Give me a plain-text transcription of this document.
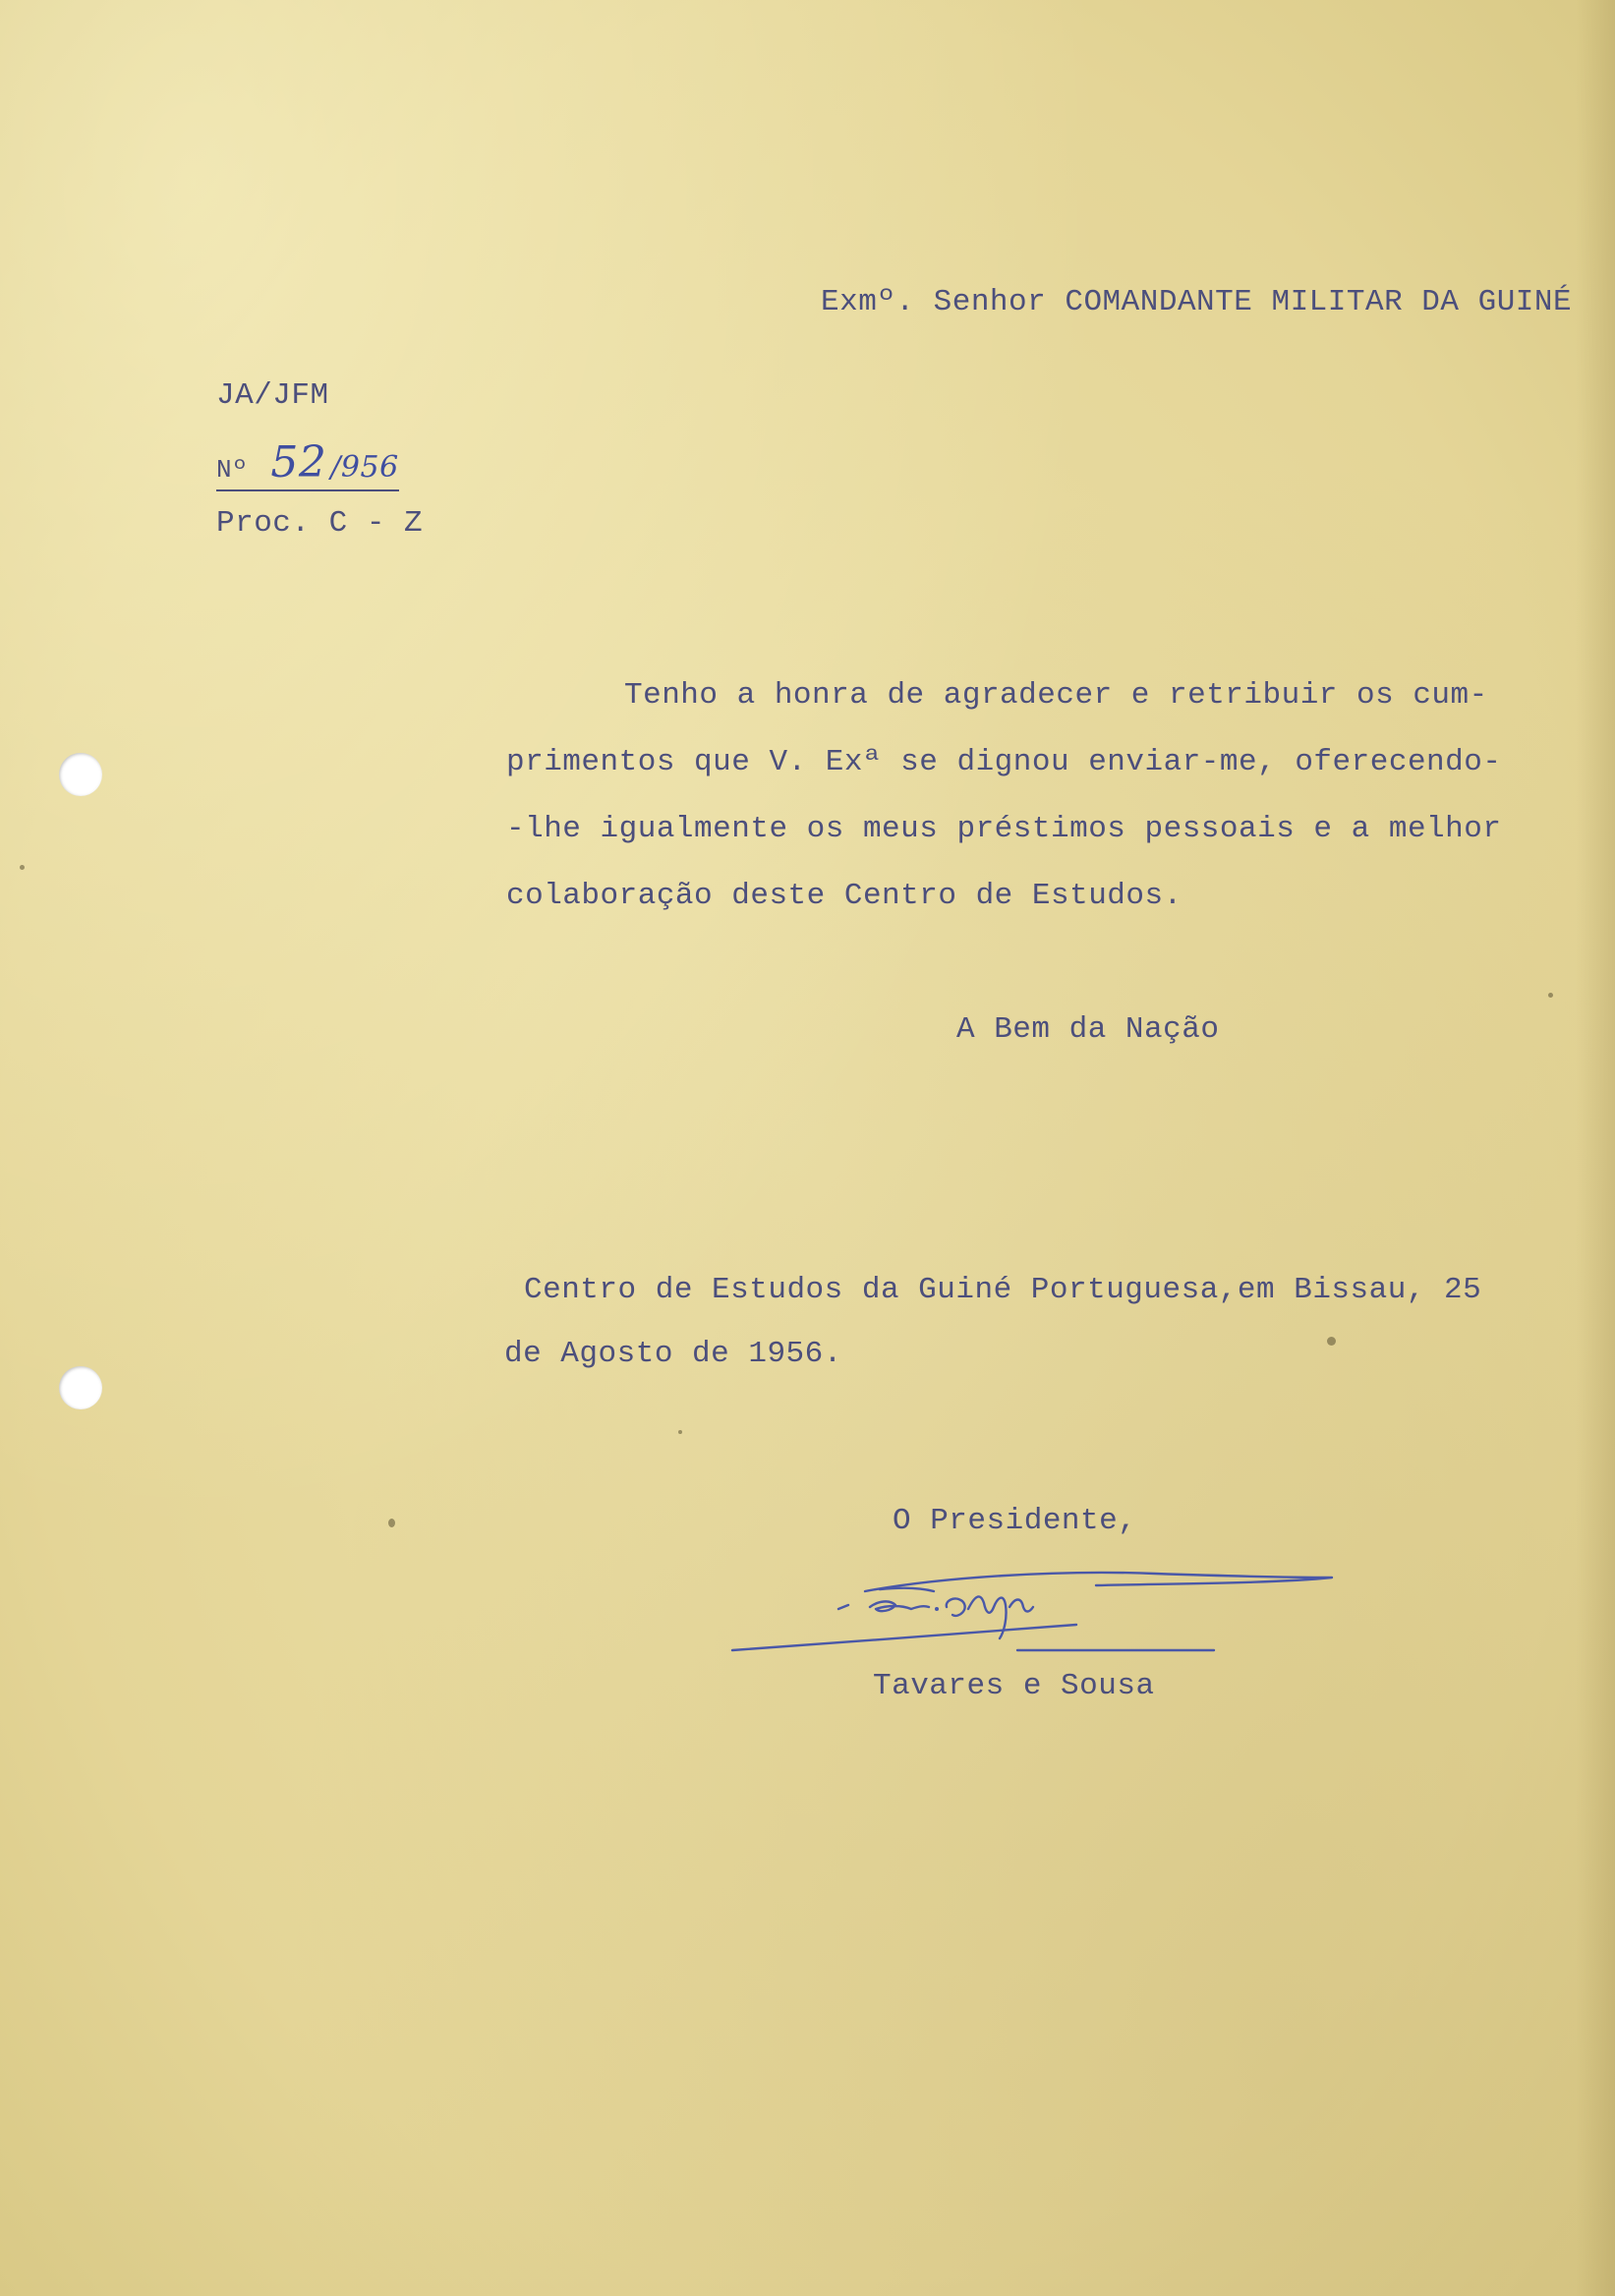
Exmº. Senhor COMANDANTE MILITAR DA GUINÉ
JA/JFM
Nº 52 /956
Proc. C - Z
Tenho a honra de agradecer e retribuir os cum-
primentos que V. Exª se dignou enviar-me, oferecendo-
-lhe igualmente os meus préstimos pessoais e a melhor
colaboração deste Centro de Estudos.
A Bem da Nação
Centro de Estudos da Guiné Portuguesa,em Bissau, 25
de Agosto de 1956.
O Presidente,
Tavares e Sousa
